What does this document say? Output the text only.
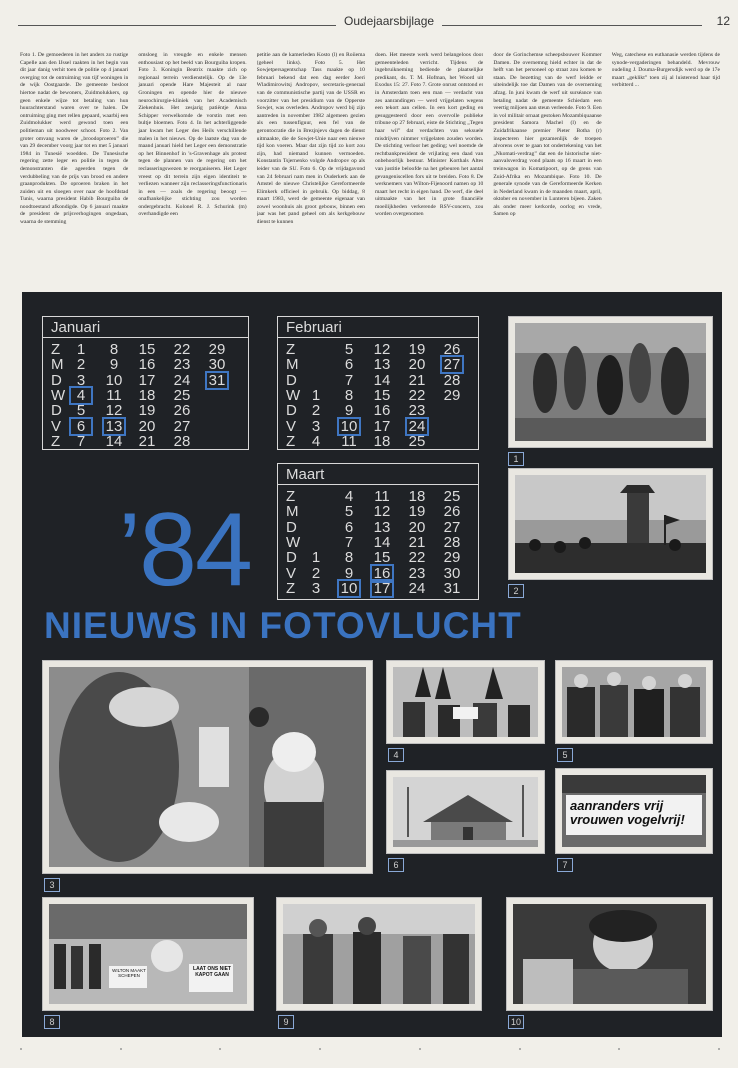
Oudejaarsbijlage	12
Foto 1. De gemoederen in het anders zo rustige Capelle aan den IJssel raakten in het begin van dit jaar danig verhit toen de politie op 4 januari overging tot de ontruiming van tijf woningen in de wijk Oostgaarde. De gemeente besloot hiertoe nadat de bewoners, Zuidmolukkers, op geen enkele wijze tot betaling van hun huurachterstand waren over te halen. De ontruiming ging met rellen gepaard, waarbij een Zuidmolukker werd gewond toen een politieman uit noodweer schoot. Foto 2. Van groter omvang waren de „broodoproeren” die van 29 december voorg jaar tot en met 5 januari 1984 in Tunesië woedden. De Tunesische regering zette leger en politie in tegen de demonstranten die ageerden tegen de verdubbeling van de prijs van brood en andere graanprodukten. De oproeren braken in het zuiden uit en sloegen over naar de hoofdstad Tunis, waarna president Habib Bourguiba de noodtoestand afkondigde. Op 6 januari maakte de president de prijsverhogingen ongedaan, waarna de stemming
omsloeg in vreugde en enkele mensen enthousiast op het beeld van Bourguiba kropen. Foto 3. Koningin Beatrix maakte zich op regionaal terrein verdienstelijk. Op de 13e januari opende Hare Majesteit al naar Groningen en opende hier de nieuwe neurochirurgie-kliniek van het Academisch Ziekenhuis. Het zesjarig patiëntje Anna Schipper verwelkomde de vorstin met een bultje bloemen. Foto 4. In het achterliggende jaar kwam het Leger des Heils verschillende malen in het nieuws. Op de laatste dag van de maand januari hield het Leger een demonstratie op het Binnenhof in 's-Gravenhage als protest tegen de plannen van de regering om het reclasseringswezen te reorganiseren. Het Leger vreest op dit terrein zijn eigen identiteit te verliezen wanneer zijn reclasseringsfunctionaris in een — zoals de regering beoogt — onafhankelijke stichting zou worden ondergebracht. Kolonel R. J. Schurink (m) overhandigde een
petitie aan de kamerleden Kosto (l) en Roiiema (geheel links). Foto 5. Het Sowjetpersagentschap Tass maakte op 10 februari bekend dat een dag eerder Joeri Wladimirowitsj Andropov, secretaris-generaal van de communistische partij van de USSR en voorzitter van het presidium van de Opperste Sowjet, was overleden. Andropov werd bij zijn aantreden in november 1982 algemeen gezien als een tussenfiguur, een fel van de gerontocratie die in Brezjnjevs dagen de dienst uitmaakte, die de Sowjet-Unie naar een nieuwe tijd kon voeren. Maar dat zijn tijd zo kort zou zijn, had niemand kunnen vermoeden. Konstantin Tsjernenko volgde Andropov op als leider van de SU. Foto 6. Op de vrijdagavond van 24 februari nam men in Ouderkerk aan de Amstel de nieuwe Christelijke Gereformeerde Elimkerk officieel in gebruik. Op biddag, 8 maart 1983, werd de gemeente eigenaar van zowel woonhuis als groot gebouw, binnen een jaar was het pand geheel om als kerkgebouw dienst te kunnen
doen. Het meeste werk werd belangeloos door gemeenteleden verricht. Tijdens de ingebruikneming bediende de plaatselijke predikant, ds. T. M. Hofman, het Woord uit Exodus 15: 27. Foto 7. Grote onrust ontstond er in Amsterdam toen een man — verdacht van zes aanrandingen — werd vrijgelaten wegens een tekort aan cellen. In een kort geding en gesuggesteerd door een overvolle publieke tribune op 27 februari, eiste de Stichting „Tegen haar wil” dat verdachten van seksuele misdrijven nimmer vrijgelaten zouden worden. De stichting verloor het geding; wel noemde de rechtbankpresident de vrijlating een daad van onbehoorlijk bestuur. Minister Korthals Altes van justitie beloofde na het gebeuren het aantal gevangeniscellen fors uit te breiden. Foto 8. De werknemers van Wilton-Fijenoord namen op 10 maart het recht in eigen hand. De werf, die deel uitmaakte van het in grote financiële moeilijkheden verkerende RSV-concern, zou worden overgenomen
door de Gorinchemse scheepsbouwer Kommer Damen. De overnemng hield echter in dat de helft van het personeel op straat zou komen te staan. De bezetting van de werf leidde er uiteindelijk toe dat Damen van de overneming afzag. In juni kwam de werf uit surséance van betaling nadat de gemeente Schiedam een veertig miljoen aan steun verleende. Foto 9. Een in vol militair ornaat gestoken Mozambiquaanse president Samora Machel (l) en de Zuidafrikaanse premier Pieter Botha (r) inspecteren hier gezamenlijk de troepen alvorens over te gaan tot ondertekening van het „Nkomati-verdrag” dat een de historische niet-aanvalsverdrag vond plaats op 16 maart in een treinwagon in Komatipoort, op de grens van Zuid-Afrika en Mozambique. Foto 10. De generale synode van de Gereformeerde Kerken in Nederland kwam in de maanden maart, april, oktober en november in Lunteren bijeen. Zaken als onder meer kerkorde, oorlog en vrede, Samen op
Weg, catechese en euthanasie werden tijdens de synode-vergaderingen behandeld. Mevrouw oudeling J. Douma-Burgersdijk werd op de 17e maart „geklikt” toen zij al luisterend haar tijd verbitterd ...
Januari
Z	1	8	15 22 29
M 2	9	16 23 30
D 3	10 17 24 31
W 4	11 18 25
D 5	12 19 26
V	6	13 20 27
Z	7	14 21 28
Februari
Z	5	12 19 26
M	6	13 20 27
D	7	14 21 28
W 1	8	15 22 29
D 2	9	16 23
V	3	10 17 24
Z	4	11 18 25
Maart
Z	4	11 18 25
M	5	12 19 26
D	6	13 20 27
W	7	14 21 28
D 1	8	15 22 29
V	2	9	16 23 30
Z	3	10 17 24 31
’84
NIEUWS IN FOTOVLUCHT
1
2
3
4	5
6
aanranders vrij vrouwen vogelvrij!
7
WILTON MAAKT SCHEPEN
LAAT ONS NIET KAPOT GAAN
8	9	10
